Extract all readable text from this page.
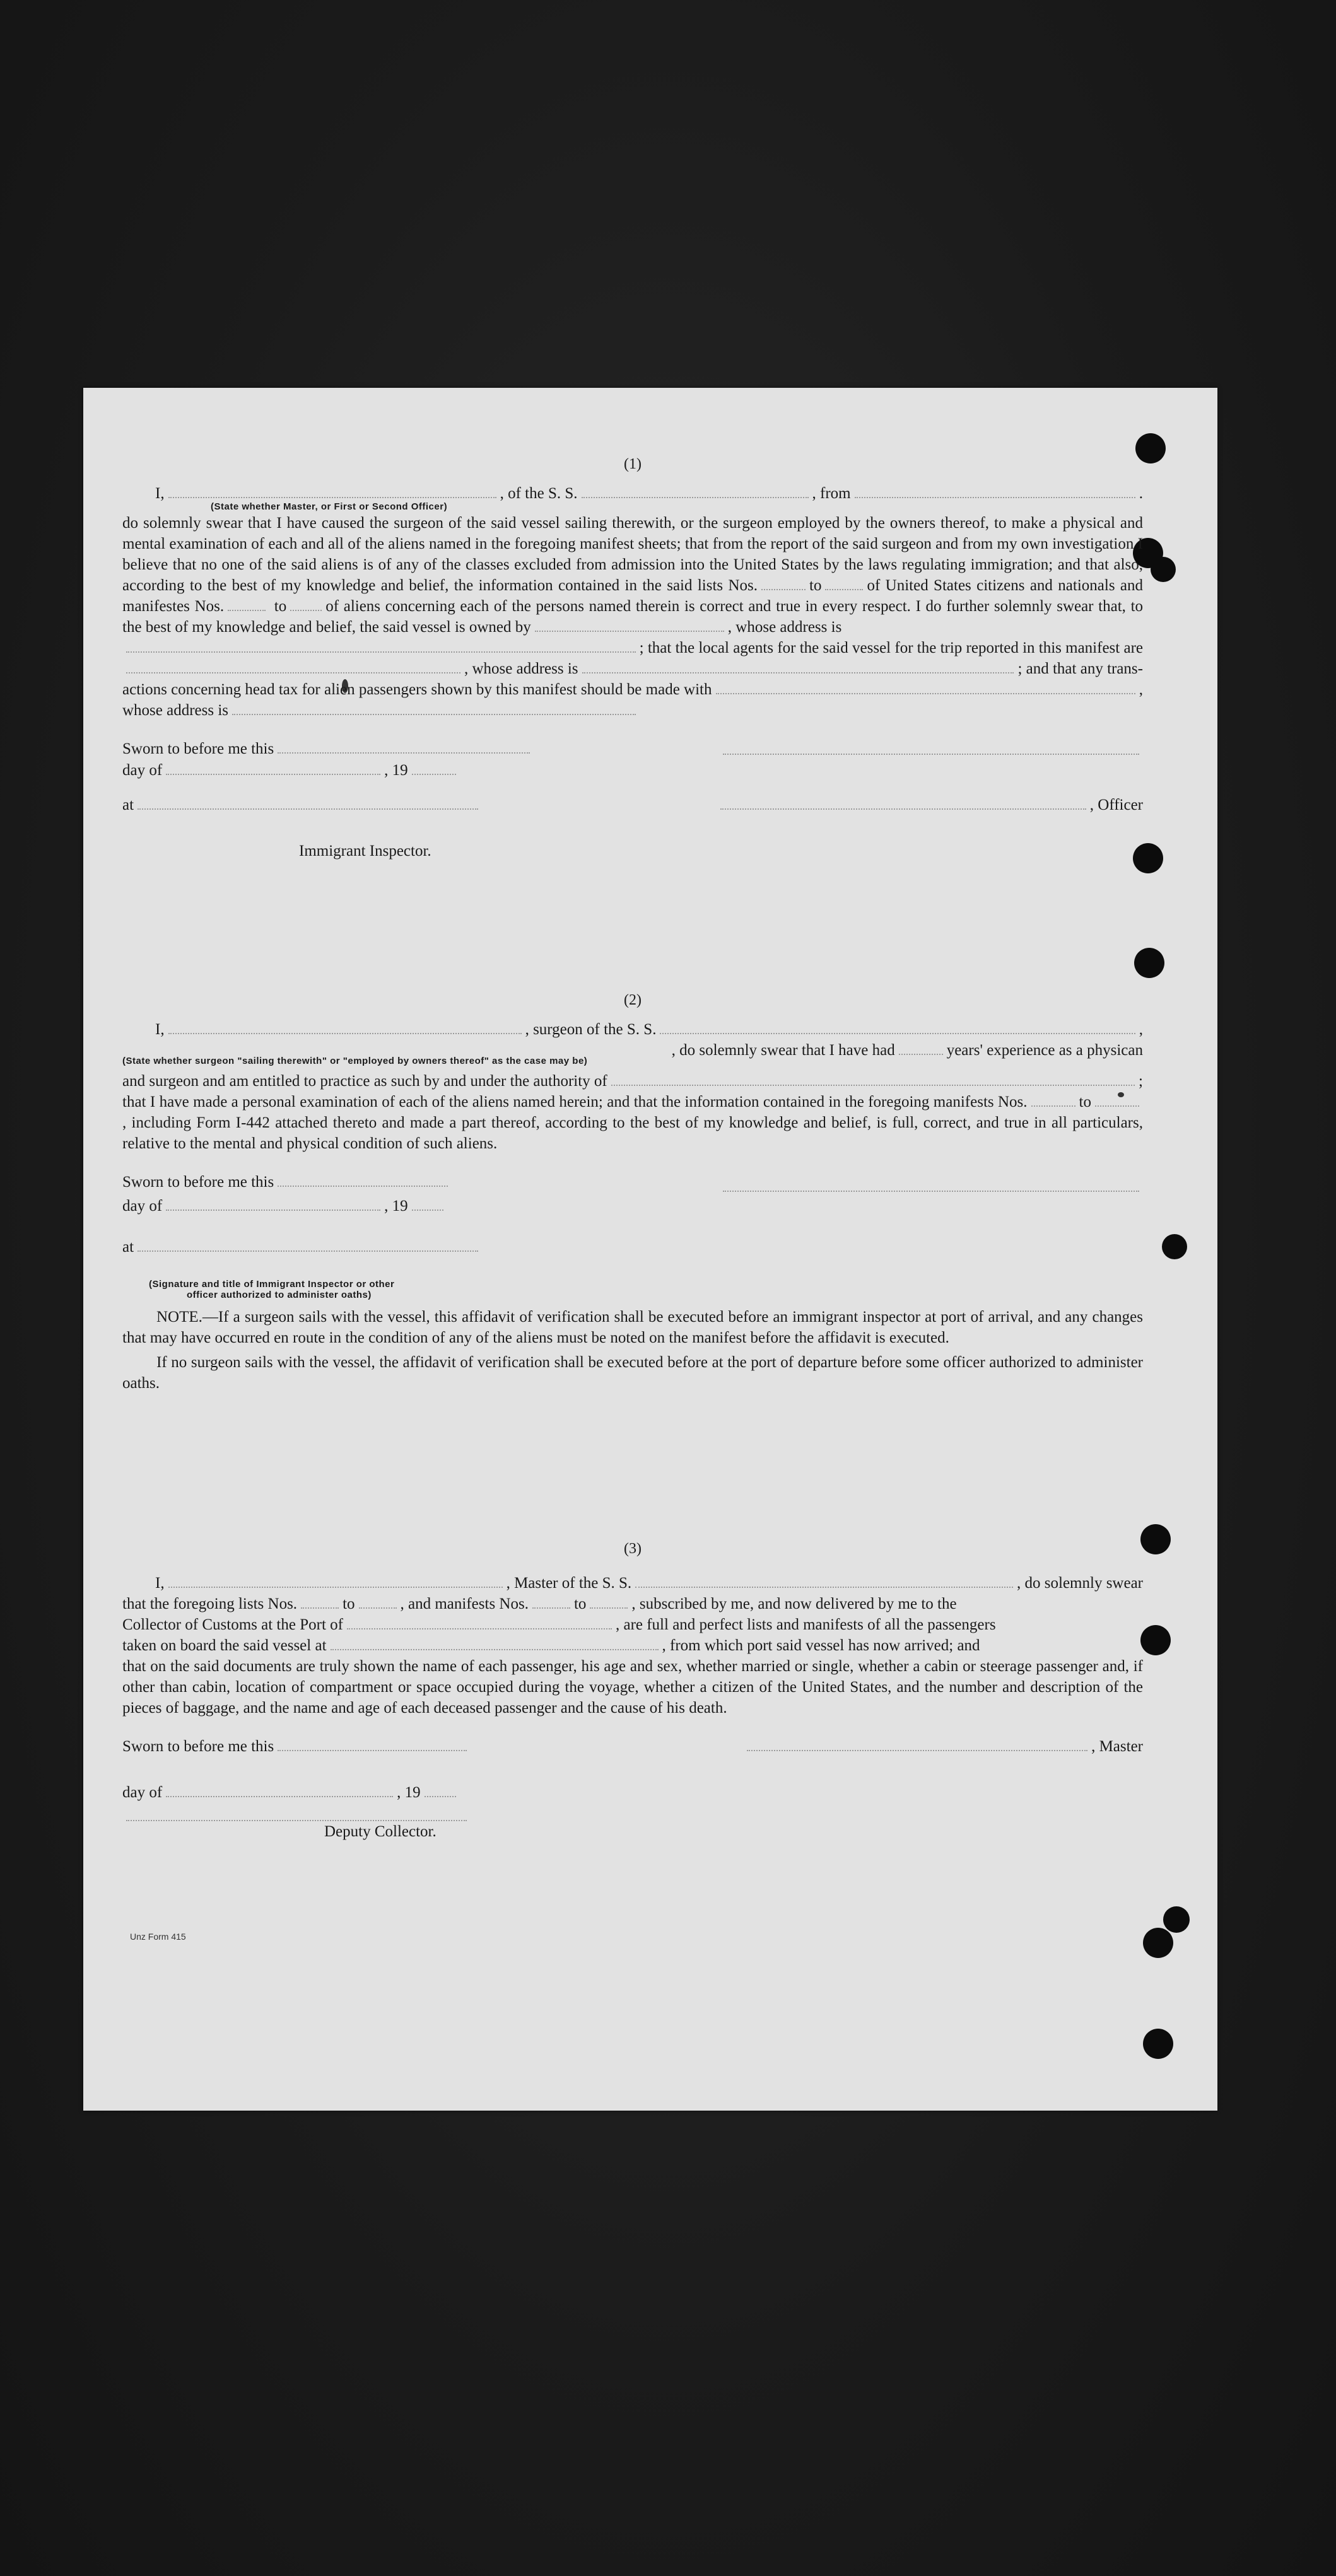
(1)
I,	, of the S. S.	, from	.
(State whether Master, or First or Second Officer)
do solemnly swear that I have caused the surgeon of the said vessel sailing therewith, or the surgeon employed by the owners thereof, to make a physical and mental examination of each and all of the aliens named in the foregoing manifest sheets; that from the report of the said surgeon and from my own investigation I believe that no one of the said aliens is of any of the classes excluded from admission into the United States by the laws regulating immigration; and that also, according to the best of my knowledge and belief, the information contained in the said lists Nos.	to	of United States citizens and nationals and manifestes Nos.	to of aliens concerning each of the persons named therein is correct and true in every respect. I do further solemnly swear that, to the best of my knowledge and belief, the said vessel is owned by	, whose address is
; that the local agents for the said vessel for the trip reported in this manifest are
, whose address is	; and that any trans-
actions concerning head tax for alien passengers shown by this manifest should be made with	,
whose address is
Sworn to before me this
day of	, 19
at	, Officer
Immigrant Inspector.
(2)
I,	, surgeon of the S. S.	,
, do solemnly swear that I have had	years' experience as a physican
(State whether surgeon "sailing therewith" or "employed by owners thereof" as the case may be)
and surgeon and am entitled to practice as such by and under the authority of	;
that I have made a personal examination of each of the aliens named herein; and that the information contained in the foregoing manifests Nos.	to, including Form I-442 attached thereto and made a part thereof, according to the best of my knowledge and belief, is full, correct, and true in all particulars, relative to the mental and physical condition of such aliens.
Sworn to before me this
day of	, 19
at
(Signature and title of Immigrant Inspector or other
officer authorized to administer oaths)
NOTE.—If a surgeon sails with the vessel, this affidavit of verification shall be executed before an immigrant inspector at port of arrival, and any changes that may have occurred en route in the condition of any of the aliens must be noted on the manifest before the affidavit is executed.
If no surgeon sails with the vessel, the affidavit of verification shall be executed before at the port of departure before some officer authorized to administer oaths.
(3)
I,	, Master of the S. S.	, do solemnly swear
that the foregoing lists Nos.	to	, and manifests Nos.	to	, subscribed by me, and now delivered by me to the
Collector of Customs at the Port of	, are full and perfect lists and manifests of all the passengers
taken on board the said vessel at	, from which port said vessel has now arrived; and
that on the said documents are truly shown the name of each passenger, his age and sex, whether married or single, whether a cabin or steerage passenger and, if other than cabin, location of compartment or space occupied during the voyage, whether a citizen of the United States, and the number and description of the pieces of baggage, and the name and age of each deceased passenger and the cause of his death.
Sworn to before me this	, Master
day of	, 19
Deputy Collector.
Unz Form 415
